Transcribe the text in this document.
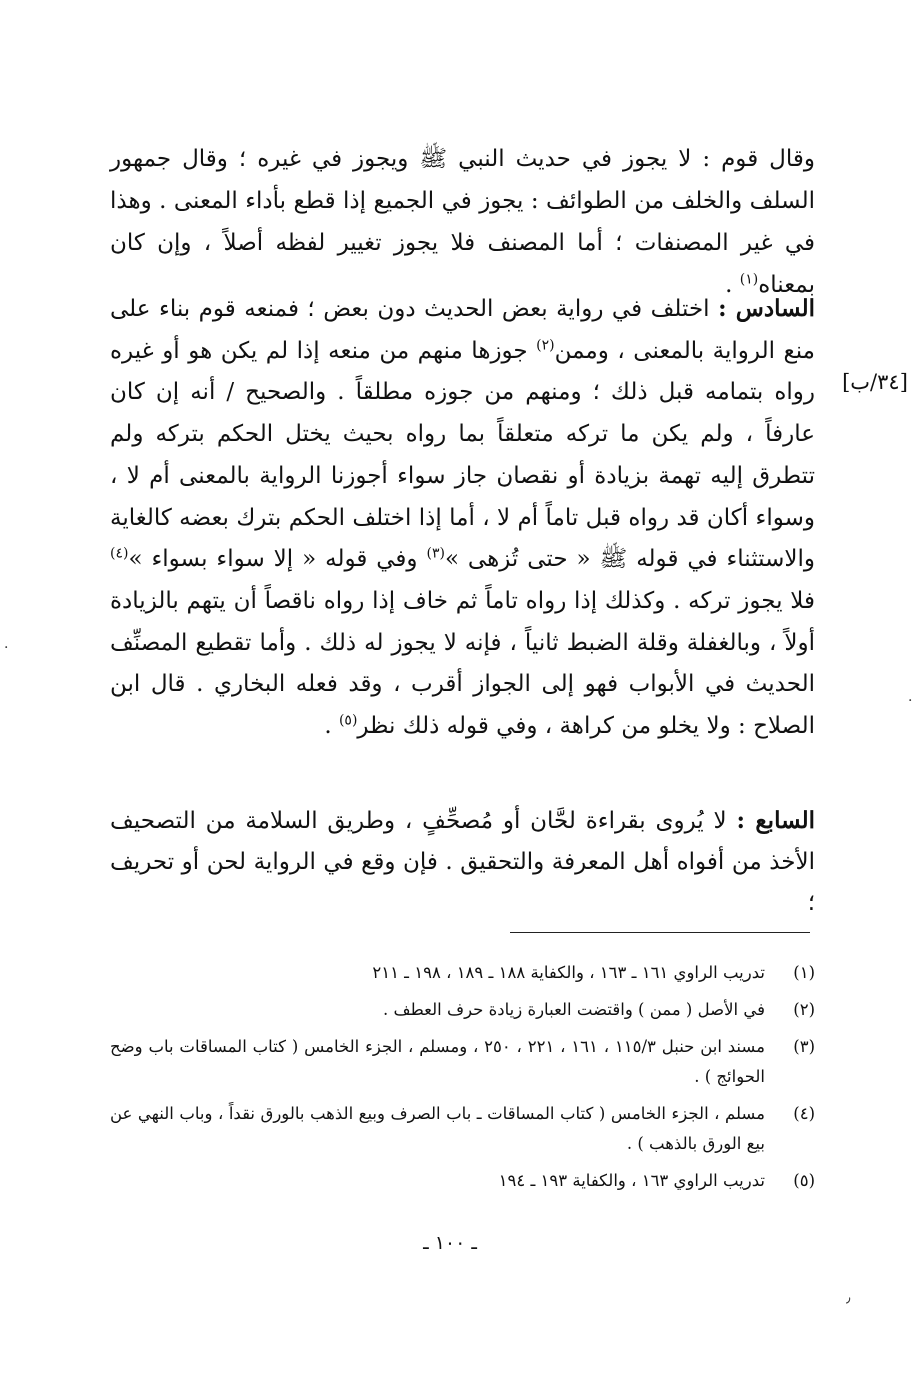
وقال قوم : لا يجوز في حديث النبي ﷺ ويجوز في غيره ؛ وقال جمهور السلف والخلف من الطوائف : يجوز في الجميع إذا قطع بأداء المعنى . وهذا في غير المصنفات ؛ أما المصنف فلا يجوز تغيير لفظه أصلاً ، وإن كان بمعناه$^{(١)}$ .

السادس : اختلف في رواية بعض الحديث دون بعض ؛ فمنعه قوم بناء على منع الرواية بالمعنى ، وممن$^{(٢)}$ جوزها منهم من منعه إذا لم يكن هو أو غيره رواه بتمامه قبل ذلك ؛ ومنهم من جوزه مطلقاً . والصحيح / أنه إن كان عارفاً ، ولم يكن ما تركه متعلقاً بما رواه بحيث يختل الحكم بتركه ولم تتطرق إليه تهمة بزيادة أو نقصان جاز سواء أجوزنا الرواية بالمعنى أم لا ، وسواء أكان قد رواه قبل تاماً أم لا ، أما إذا اختلف الحكم بترك بعضه كالغاية والاستثناء في قوله ﷺ « حتى تُزهى »$^{(٣)}$ وفي قوله « إلا سواء بسواء »$^{(٤)}$ فلا يجوز تركه . وكذلك إذا رواه تاماً ثم خاف إذا رواه ناقصاً أن يتهم بالزيادة أولاً ، وبالغفلة وقلة الضبط ثانياً ، فإنه لا يجوز له ذلك . وأما تقطيع المصنِّف الحديث في الأبواب فهو إلى الجواز أقرب ، وقد فعله البخاري . قال ابن الصلاح : ولا يخلو من كراهة ، وفي قوله ذلك نظر$^{(٥)}$ .

[٣٤/ب]

السابع : لا يُروى بقراءة لحَّان أو مُصحِّفٍ ، وطريق السلامة من التصحيف الأخذ من أفواه أهل المعرفة والتحقيق . فإن وقع في الرواية لحن أو تحريف ؛

(١)
تدريب الراوي ١٦١ ـ ١٦٣ ، والكفاية ١٨٨ ـ ١٨٩ ، ١٩٨ ـ ٢١١
(٢)
في الأصل ( ممن ) واقتضت العبارة زيادة حرف العطف .
(٣)
مسند ابن حنبل ١١٥/٣ ، ١٦١ ، ٢٢١ ، ٢٥٠ ، ومسلم ، الجزء الخامس ( كتاب المساقات باب وضح الحوائج ) .
(٤)
مسلم ، الجزء الخامس ( كتاب المساقات ـ باب الصرف وبيع الذهب بالورق نقداً ، وباب النهي عن بيع الورق بالذهب ) .
(٥)
تدريب الراوي ١٦٣ ، والكفاية ١٩٣ ـ ١٩٤
ـ ١٠٠ ـ
·
·
٫
